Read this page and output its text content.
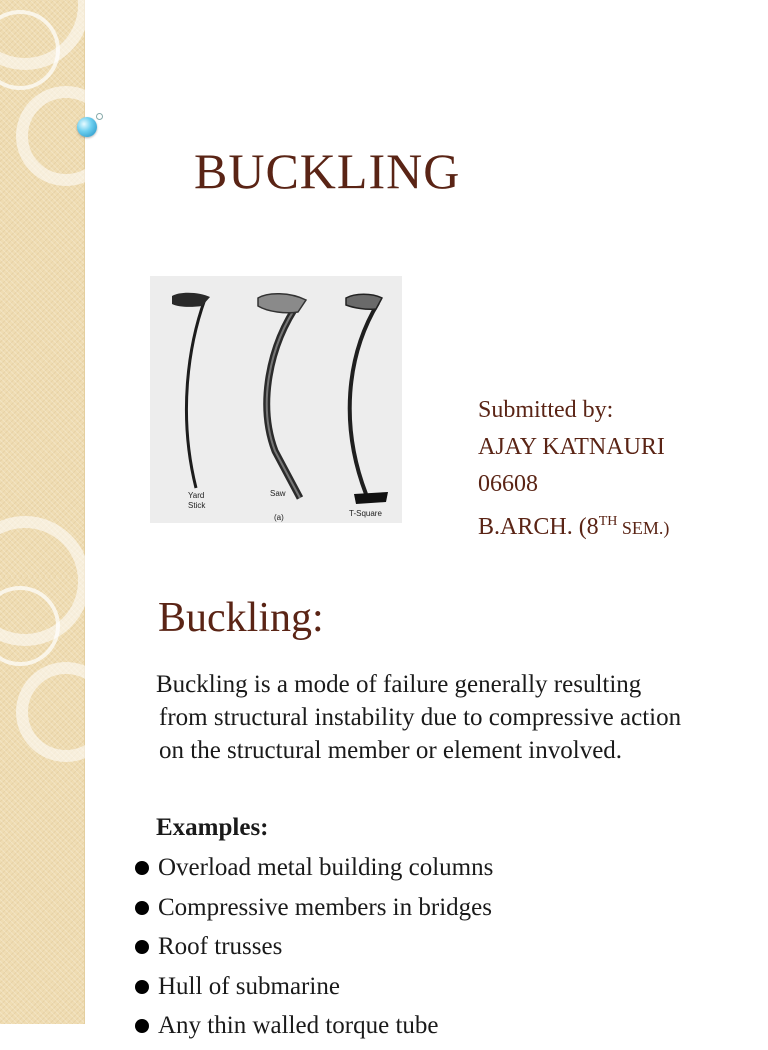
BUCKLING
Yard
Stick
Saw
(a)	T-Square
Submitted by:
AJAY KATNAURI
06608
B.ARCH. (8TH SEM.)
Buckling:

Buckling is a mode of failure generally resulting
from structural instability due to compressive action
on the structural member or element involved.

Examples:
Overload metal building columns
Compressive members in bridges
Roof trusses
Hull of submarine
Any thin walled torque tube
